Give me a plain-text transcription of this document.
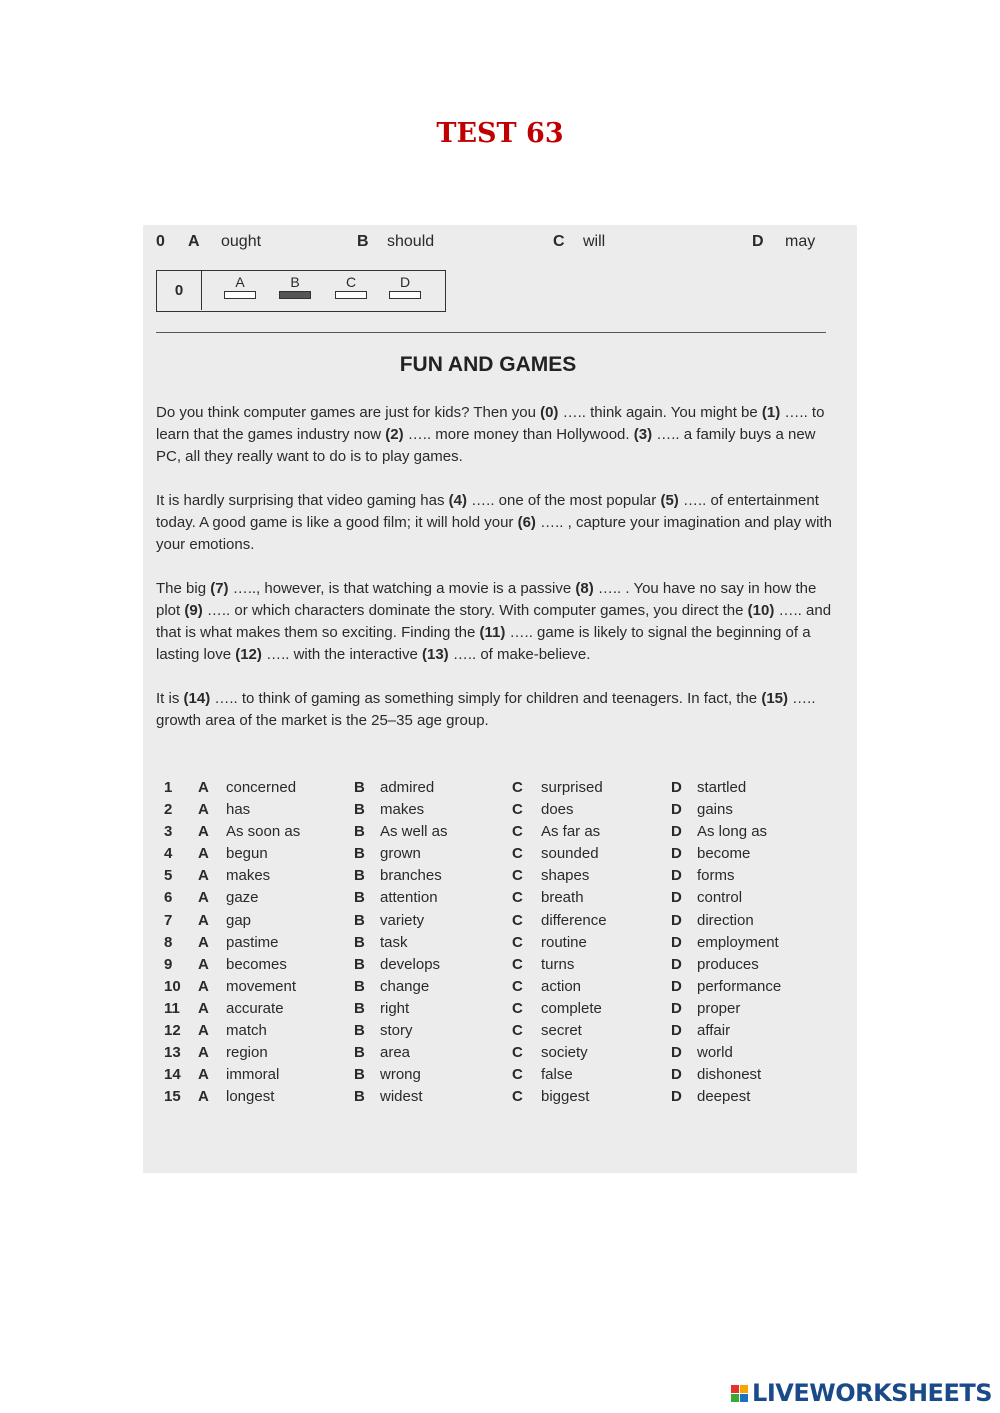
TEST 63
0 A ought	B should	C will	D may
0	A	B	C	D
FUN AND GAMES

Do you think computer games are just for kids? Then you (0) ….. think again. You might be (1) ….. to learn that the games industry now (2) ….. more money than Hollywood. (3) ….. a family buys a new PC, all they really want to do is to play games.

It is hardly surprising that video gaming has (4) ….. one of the most popular (5) ….. of entertainment today. A good game is like a good film; it will hold your (6) ….. , capture your imagination and play with your emotions.

The big (7) ….., however, is that watching a movie is a passive (8) ….. . You have no say in how the plot (9) ….. or which characters dominate the story. With computer games, you direct the (10) ….. and that is what makes them so exciting. Finding the (11) ….. game is likely to signal the beginning of a lasting love (12) ….. with the interactive (13) ….. of make-believe.

It is (14) ….. to think of gaming as something simply for children and teenagers. In fact, the (15) ….. growth area of the market is the 25–35 age group.

1 A concerned	B admired	C surprised	D startled
2 A has	B makes	C does	D gains
3 A As soon as	B As well as	C As far as	D As long as
4 A begun	B grown	C sounded	D become
5 A makes	B branches	C shapes	D forms
6 A gaze	B attention	C breath	D control
7 A gap	B variety	C difference	D direction
8 A pastime	B task	C routine	D employment
9 A becomes	B develops	C turns	D produces
10 A movement	B change	C action	D performance
11 A accurate	B right	C complete	D proper
12 A match	B story	C secret	D affair
13 A region	B area	C society	D world
14 A immoral	B wrong	C false	D dishonest
15 A longest	B widest	C biggest	D deepest
LIVEWORKSHEETS
